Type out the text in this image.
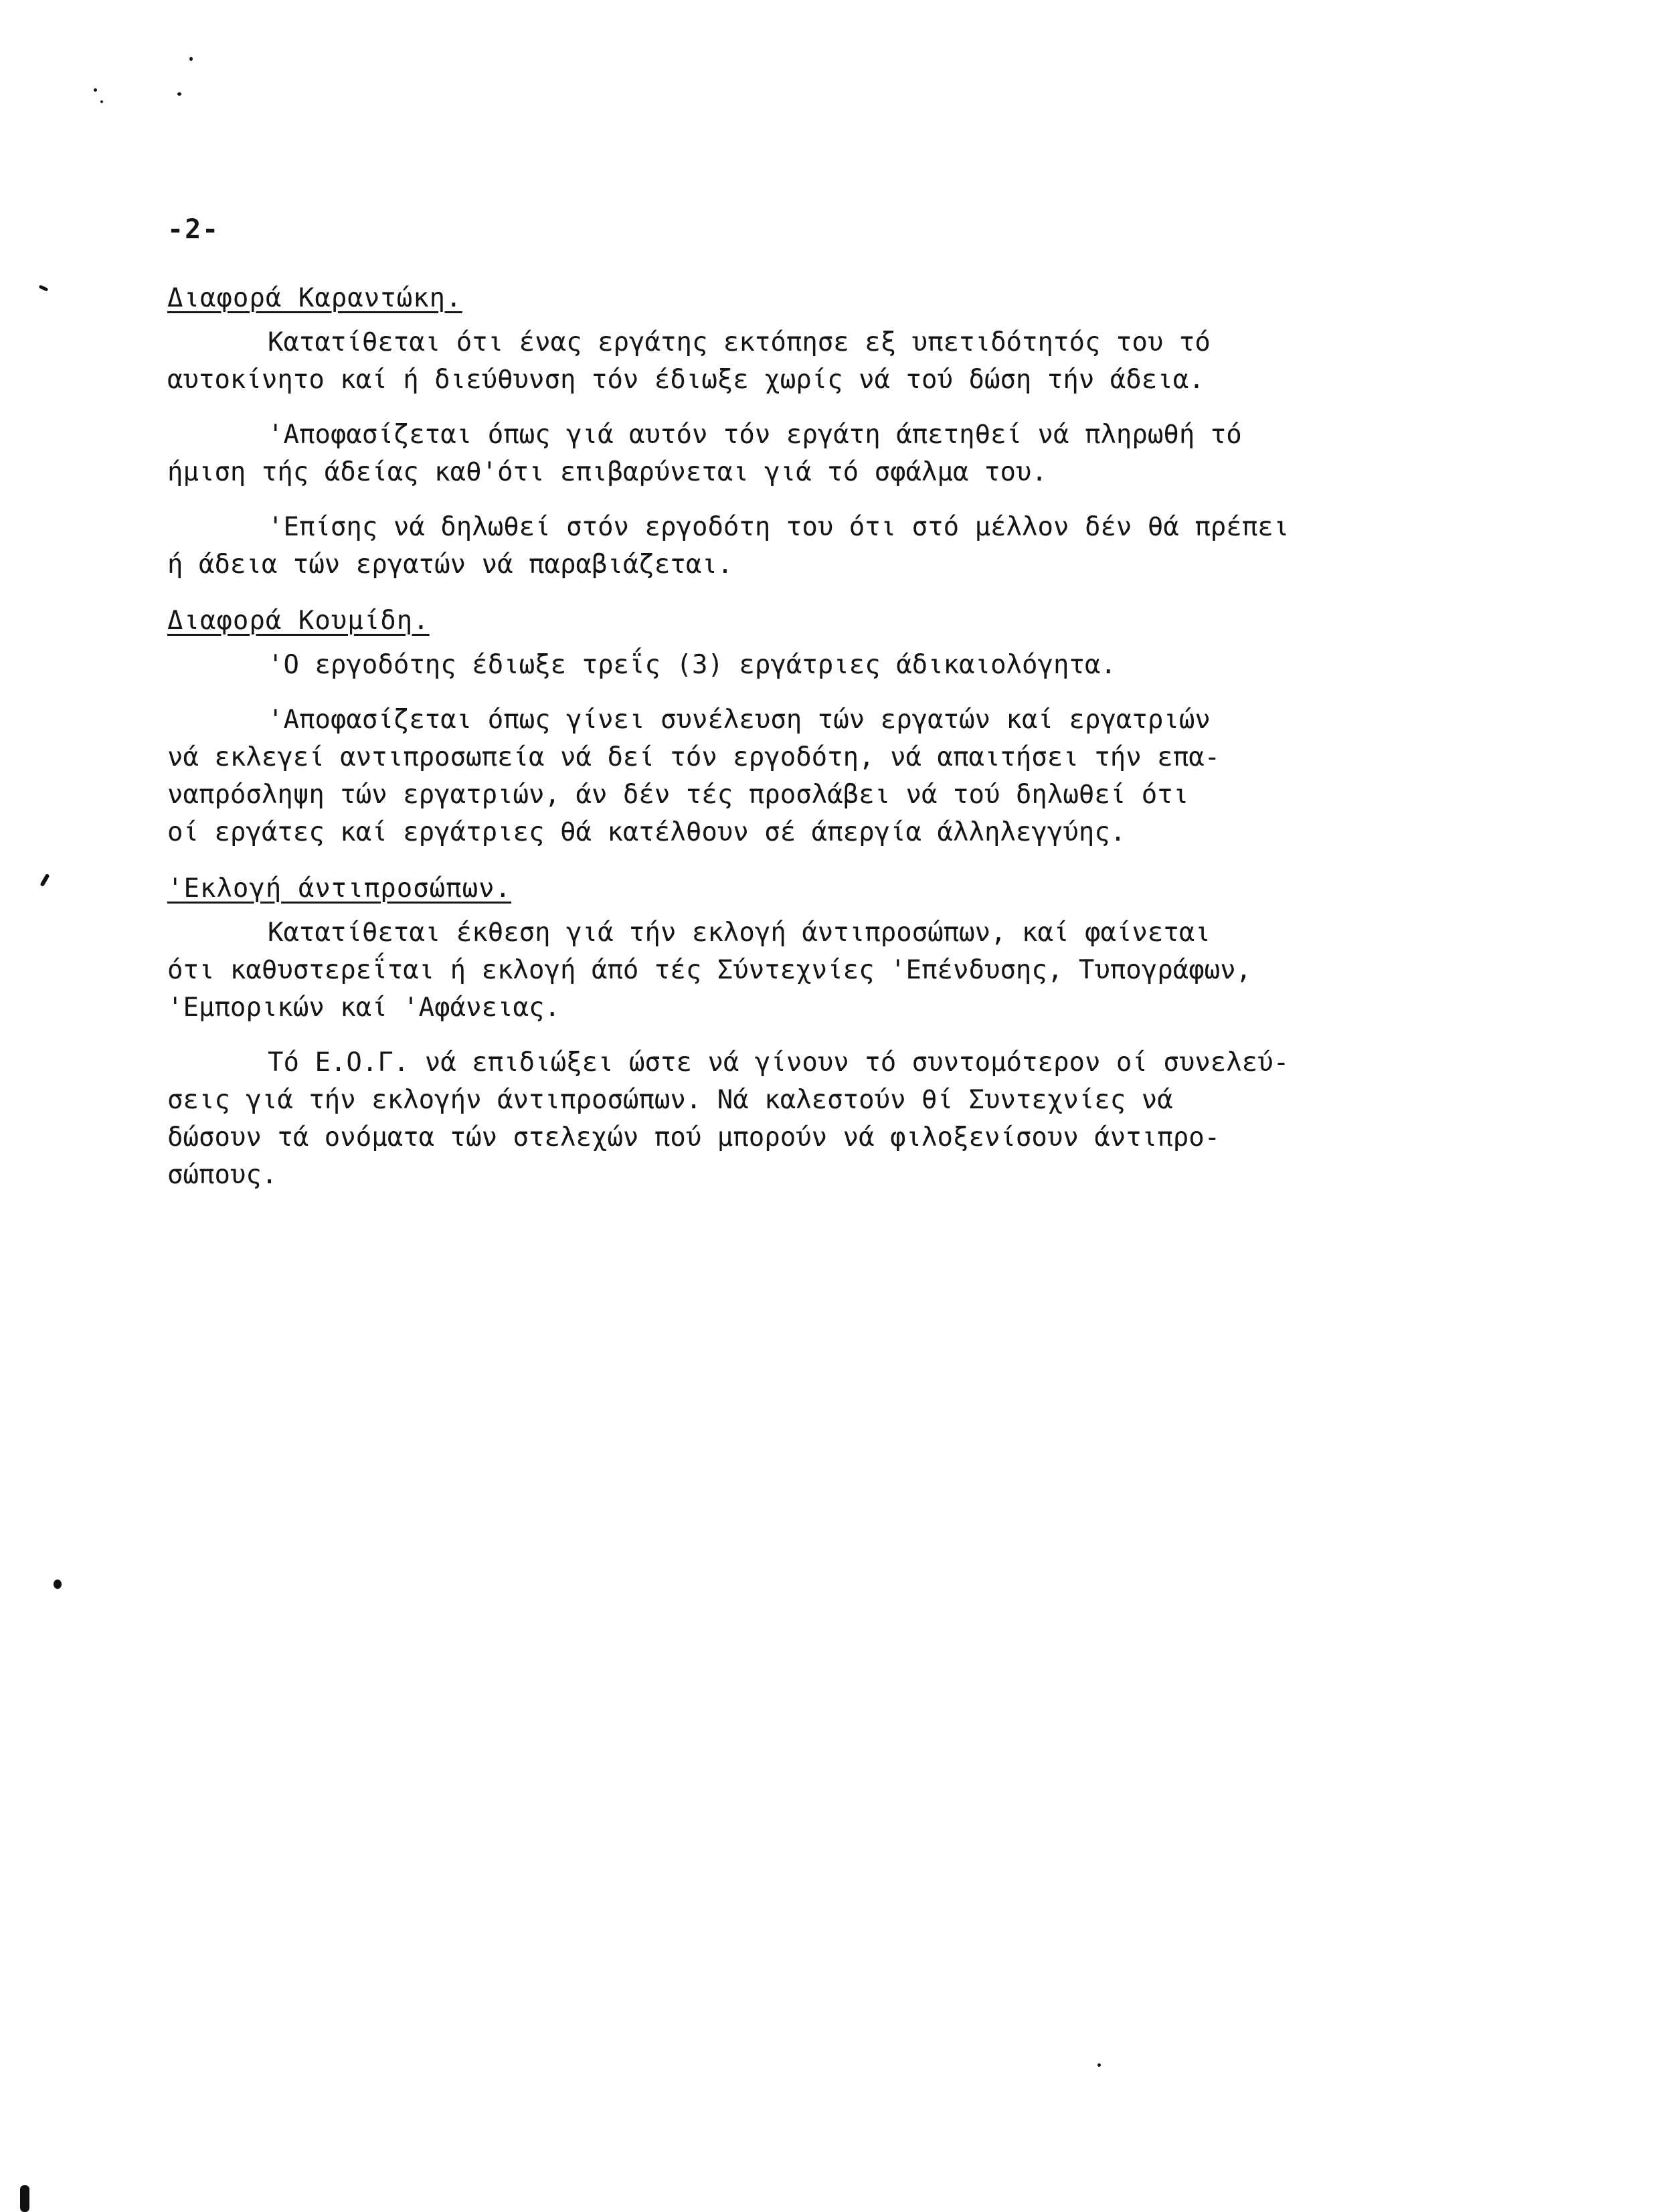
-2-
Διαφορά Καραντώκη.
Κατατίθεται ότι ένας εργάτης εκτόπησε εξ υπετιδότητός του τό
αυτοκίνητο καί ή διεύθυνση τόν έδιωξε χωρίς νά τού δώση τήν άδεια.
'Αποφασίζεται όπως γιά αυτόν τόν εργάτη άπετηθεί νά πληρωθή τό
ήμιση τής άδείας καθ'ότι επιβαρύνεται γιά τό σφάλμα του.
'Επίσης νά δηλωθεί στόν εργοδότη του ότι στό μέλλον δέν θά πρέπει
ή άδεια τών εργατών νά παραβιάζεται.
Διαφορά Κουμίδη.
'Ο εργοδότης έδιωξε τρεΐς (3) εργάτριες άδικαιολόγητα.
'Αποφασίζεται όπως γίνει συνέλευση τών εργατών καί εργατριών
νά εκλεγεί αντιπροσωπεία νά δεί τόν εργοδότη, νά απαιτήσει τήν επα-
ναπρόσληψη τών εργατριών, άν δέν τές προσλάβει νά τού δηλωθεί ότι
οί εργάτες καί εργάτριες θά κατέλθουν σέ άπεργία άλληλεγγύης.
'Εκλογή άντιπροσώπων.
Κατατίθεται έκθεση γιά τήν εκλογή άντιπροσώπων, καί φαίνεται
ότι καθυστερεΐται ή εκλογή άπό τές Σύντεχνίες 'Επένδυσης, Τυπογράφων,
'Εμπορικών καί 'Αφάνειας.
Τό Ε.Ο.Γ. νά επιδιώξει ώστε νά γίνουν τό συντομότερον οί συνελεύ-
σεις γιά τήν εκλογήν άντιπροσώπων. Νά καλεστούν θί Συντεχνίες νά
δώσουν τά ονόματα τών στελεχών πού μπορούν νά φιλοξενίσουν άντιπρο-
σώπους.
